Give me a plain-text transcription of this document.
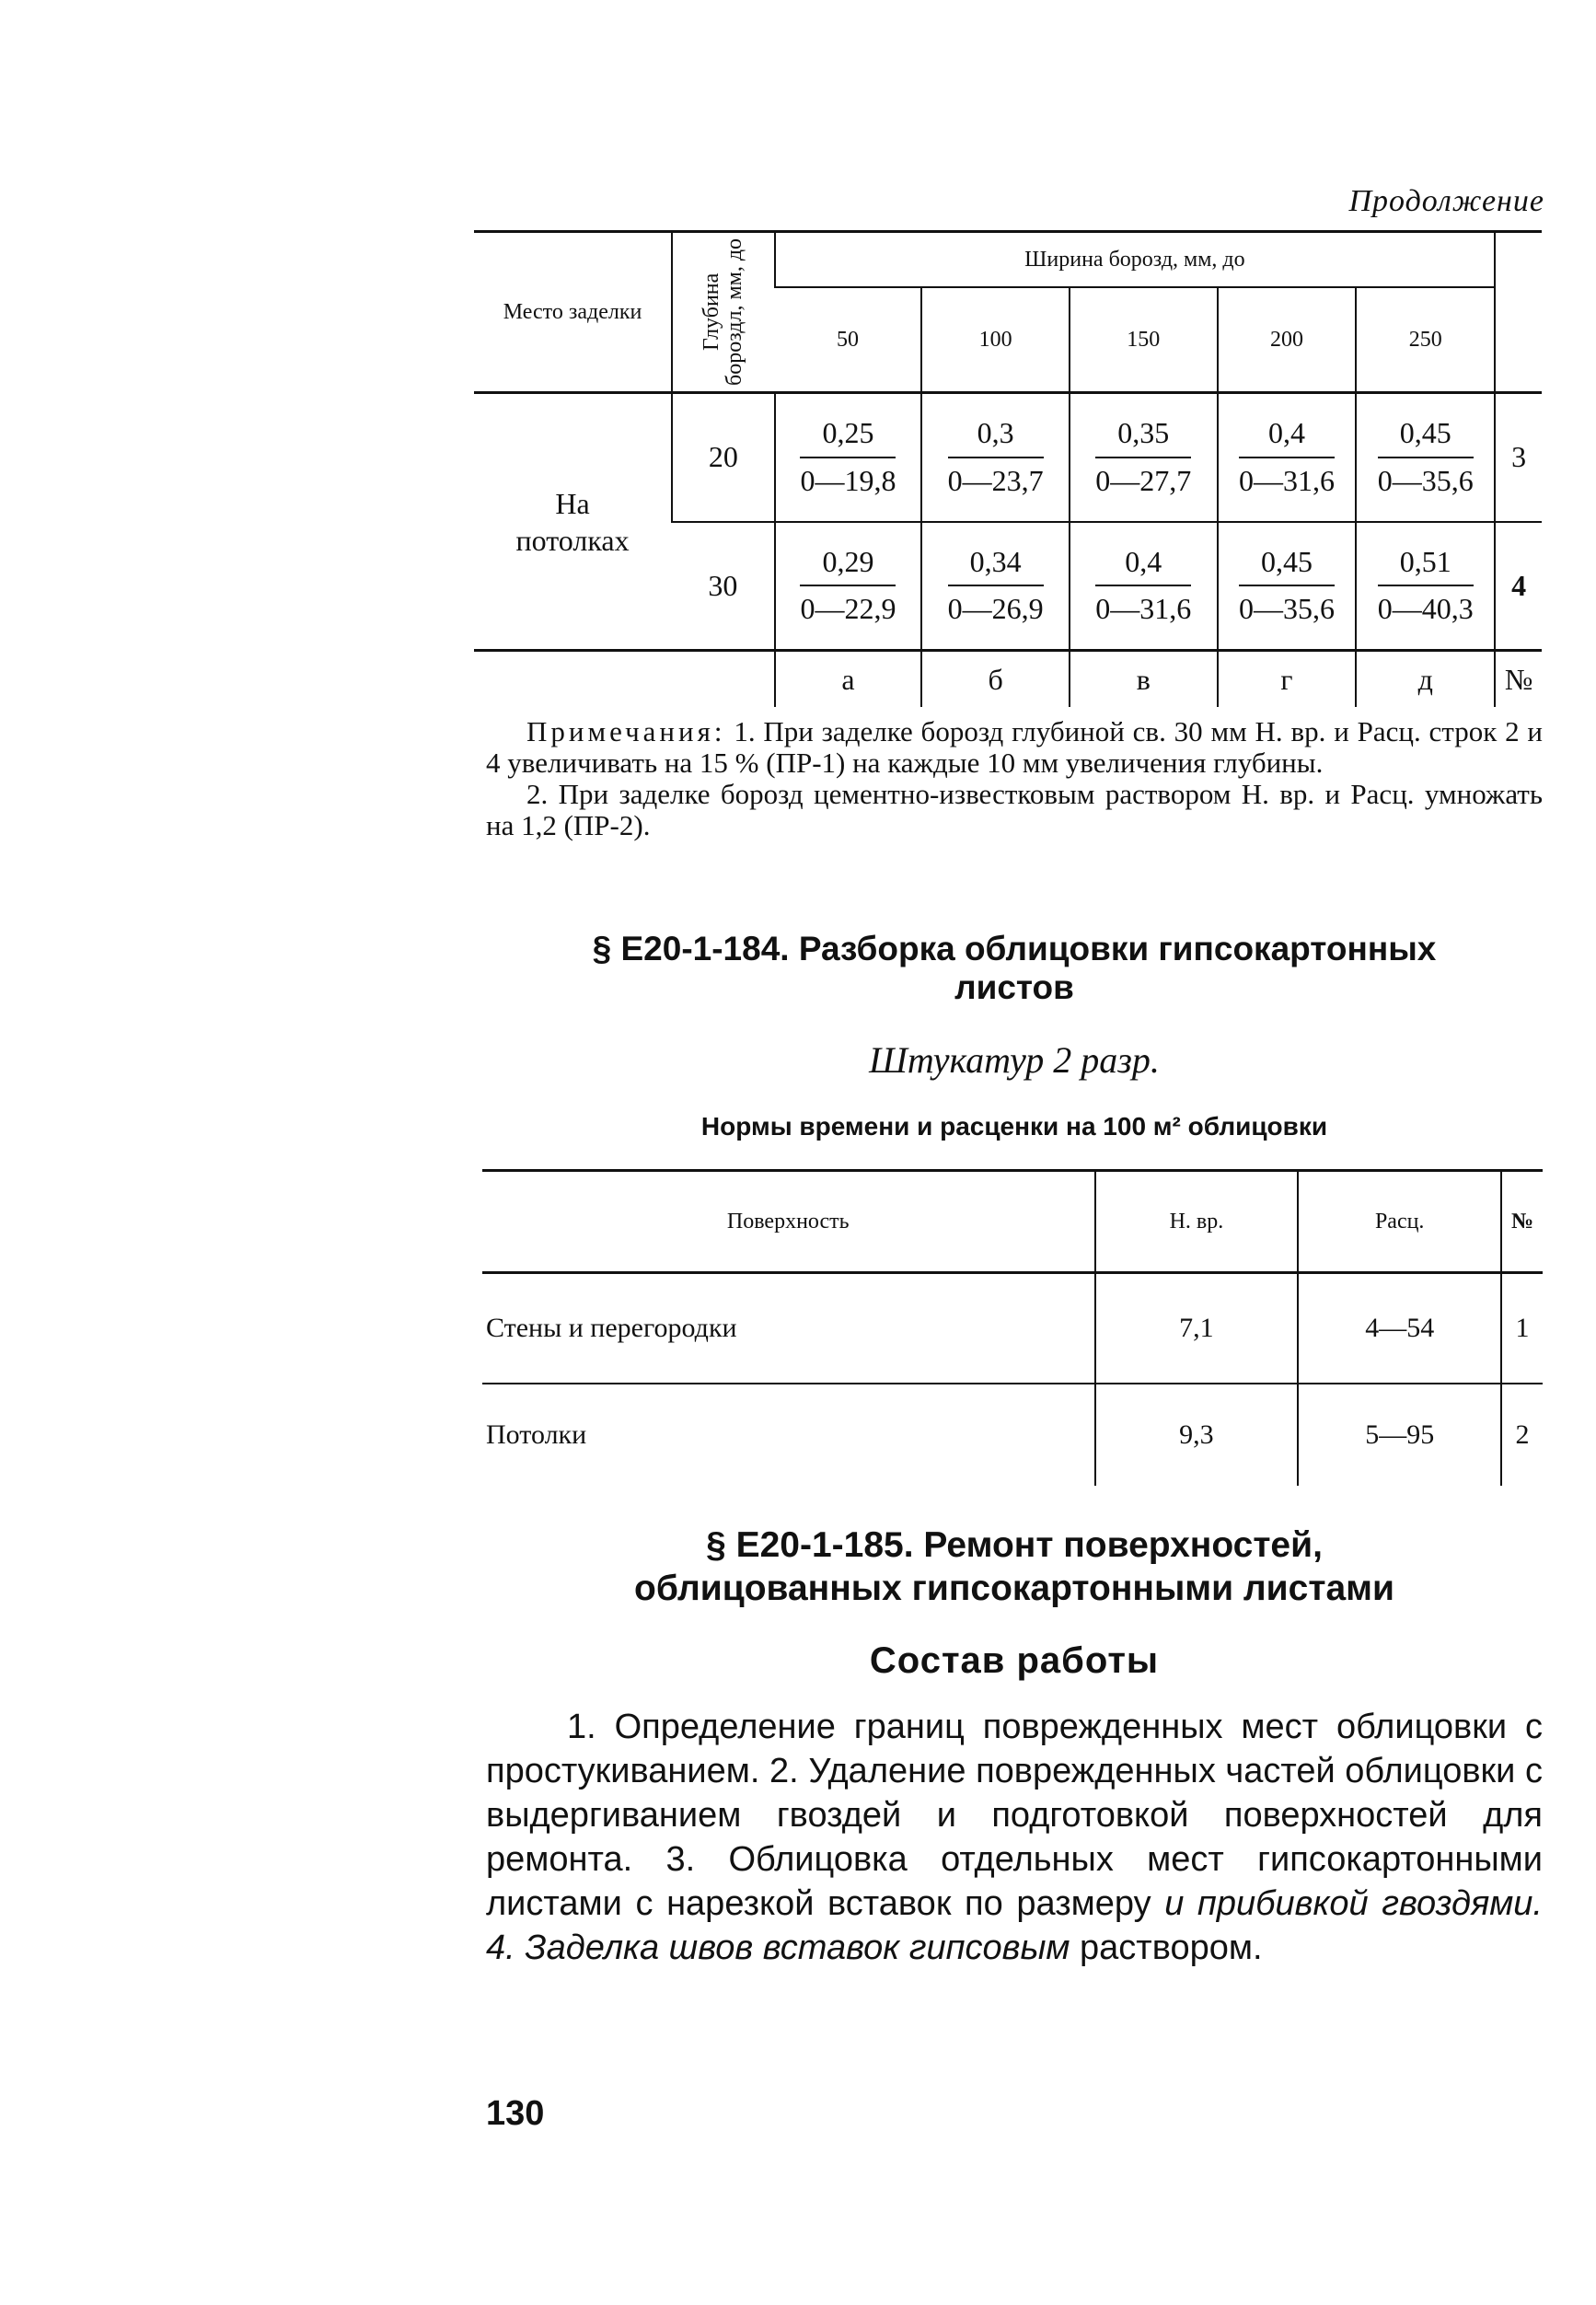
Продолжение
Место заделки	Глубина бороздл, мм, до	Ширина борозд, мм, до					
		50	100	150	200	250	
На потолках	20	$\frac{0,25}{0—19,8}$	$\frac{0,3}{0—23,7}$	$\frac{0,35}{0—27,7}$	$\frac{0,4}{0—31,6}$	$\frac{0,45}{0—35,6}$	3
	30	$\frac{0,29}{0—22,9}$	$\frac{0,34}{0—26,9}$	$\frac{0,4}{0—31,6}$	$\frac{0,45}{0—35,6}$	$\frac{0,51}{0—40,3}$	4
		а	б	в	г	д	№

Примечания: 1. При заделке борозд глубиной св. 30 мм Н. вр. и Расц. строк 2 и 4 увеличивать на 15 % (ПР-1) на каждые 10 мм увеличения глубины.

2. При заделке борозд цементно-известковым раствором Н. вр. и Расц. умножать на 1,2 (ПР-2).

§ Е20-1-184. Разборка облицовки гипсокартонных
листов
Штукатур 2 разр.
Нормы времени и расценки на 100 м² облицовки
Поверхность	Н. вр.	Расц.	№
Стены и перегородки	7,1	4—54	1
Потолки	9,3	5—95	2
§ Е20-1-185. Ремонт поверхностей,
облицованных гипсокартонными листами
Состав работы
1. Определение границ поврежденных мест облицовки с простукиванием. 2. Удаление поврежденных частей облицовки с выдергиванием гвоздей и подготовкой поверхностей для ремонта. 3. Облицовка отдельных мест гипсокартонными листами с нарезкой вставок по размеру и прибивкой гвоздями. 4. Заделка швов вставок гипсовым раствором.
130
